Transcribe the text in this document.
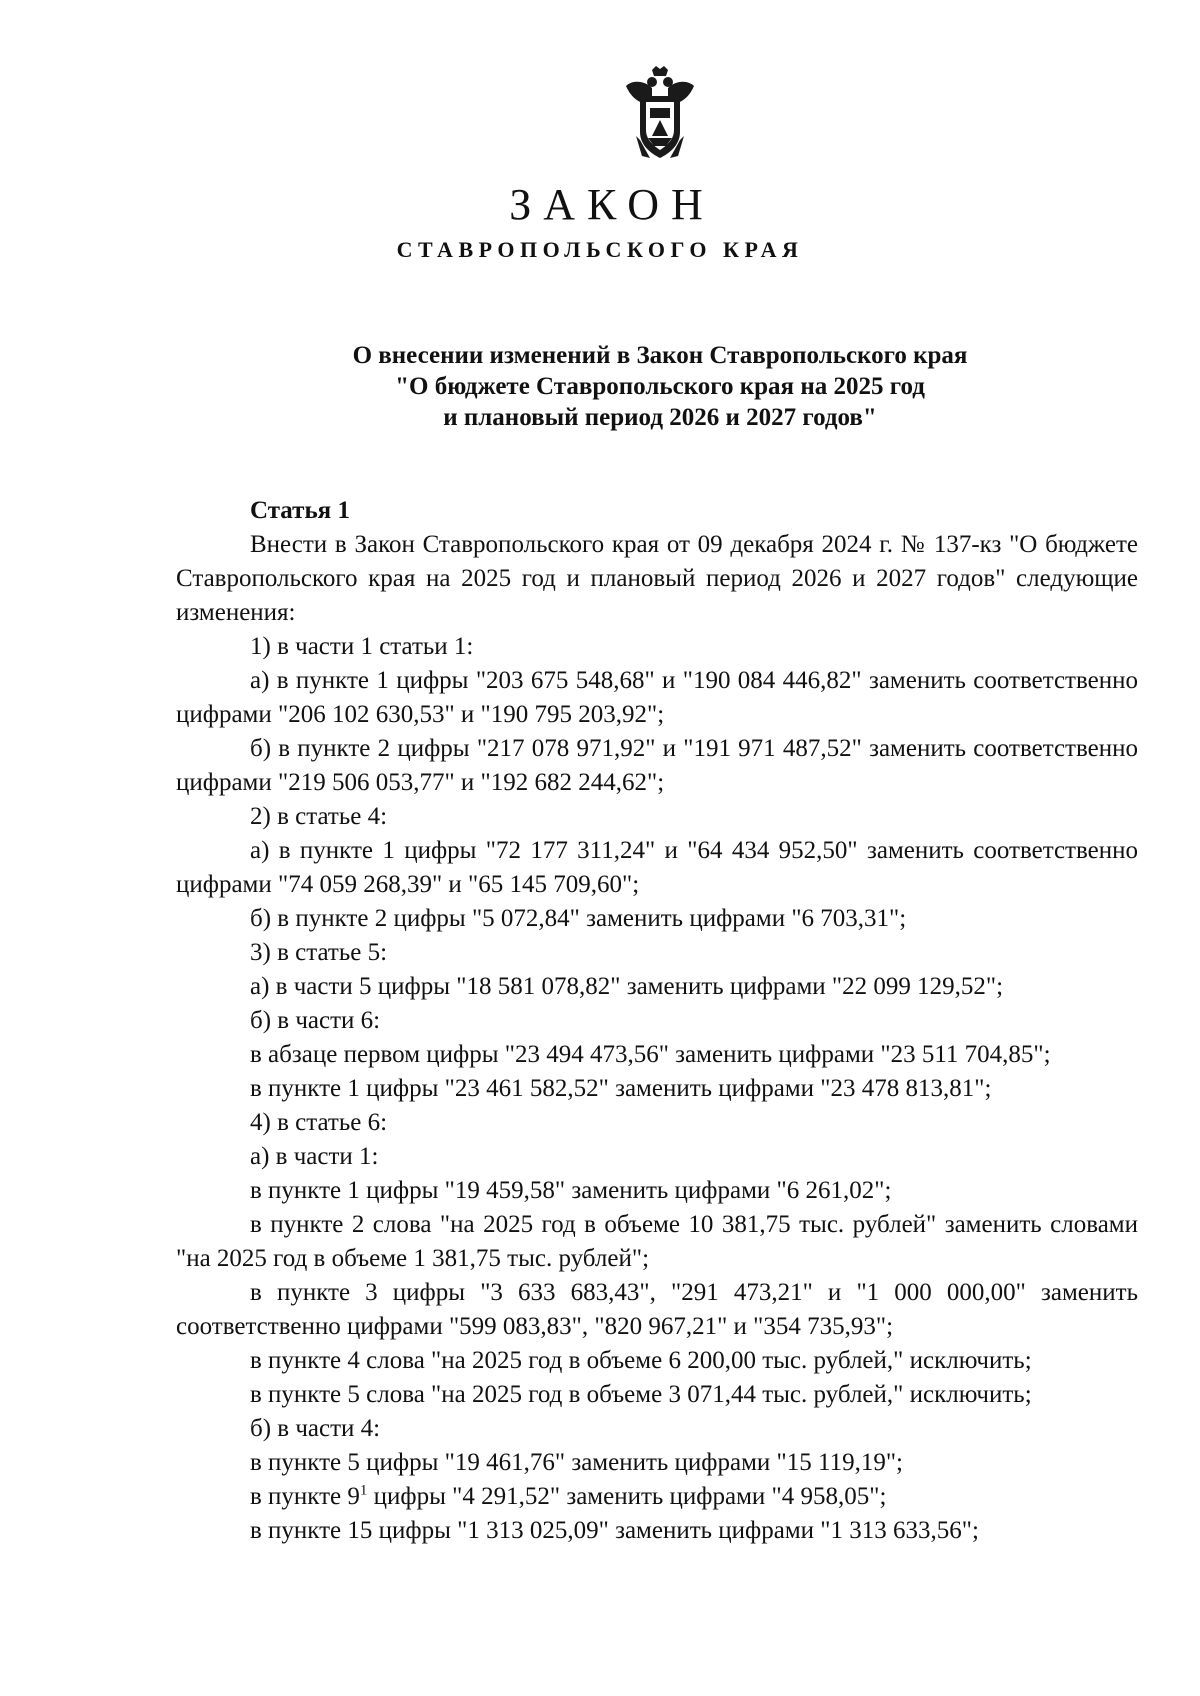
ЗАКОН
СТАВРОПОЛЬСКОГО КРАЯ
О внесении изменений в Закон Ставропольского края
"О бюджете Ставропольского края на 2025 год
и плановый период 2026 и 2027 годов"

Статья 1

Внести в Закон Ставропольского края от 09 декабря 2024 г. № 137-кз "О бюджете Ставропольского края на 2025 год и плановый период 2026 и 2027 годов" следующие изменения:

1) в части 1 статьи 1:

а) в пункте 1 цифры "203 675 548,68" и "190 084 446,82" заменить соответственно цифрами "206 102 630,53" и "190 795 203,92";

б) в пункте 2 цифры "217 078 971,92" и "191 971 487,52" заменить соответственно цифрами "219 506 053,77" и "192 682 244,62";

2) в статье 4:

а) в пункте 1 цифры "72 177 311,24" и "64 434 952,50" заменить соответственно цифрами "74 059 268,39" и "65 145 709,60";

б) в пункте 2 цифры "5 072,84" заменить цифрами "6 703,31";

3) в статье 5:

а) в части 5 цифры "18 581 078,82" заменить цифрами "22 099 129,52";

б) в части 6:

в абзаце первом цифры "23 494 473,56" заменить цифрами "23 511 704,85";

в пункте 1 цифры "23 461 582,52" заменить цифрами "23 478 813,81";

4) в статье 6:

а) в части 1:

в пункте 1 цифры "19 459,58" заменить цифрами "6 261,02";

в пункте 2 слова "на 2025 год в объеме 10 381,75 тыс. рублей" заменить словами "на 2025 год в объеме 1 381,75 тыс. рублей";

в пункте 3 цифры "3 633 683,43", "291 473,21" и "1 000 000,00" заменить соответственно цифрами "599 083,83", "820 967,21" и "354 735,93";

в пункте 4 слова "на 2025 год в объеме 6 200,00 тыс. рублей," исключить;

в пункте 5 слова "на 2025 год в объеме 3 071,44 тыс. рублей," исключить;

б) в части 4:

в пункте 5 цифры "19 461,76" заменить цифрами "15 119,19";

в пункте $9^1$ цифры "4 291,52" заменить цифрами "4 958,05";

в пункте 15 цифры "1 313 025,09" заменить цифрами "1 313 633,56";
